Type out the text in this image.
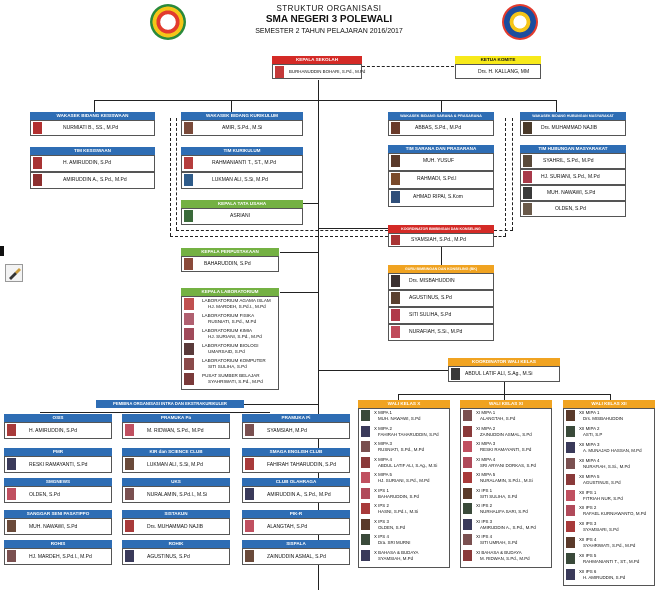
STRUKTUR ORGANISASI
SMA NEGERI 3 POLEWALI
SEMESTER 2 TAHUN PELAJARAN 2016/2017
KEPALA SEKOLAH
BURHANUDDIN BOHARI, S.Pd., M.Pd
KETUA KOMITE
Drs. H. KALLANG, MM
WAKASEK BIDANG KESISWAAN
NURMIATI B., SS., M.Pd
TIM KESISWAAN
H. AMIRUDDIN, S.Pd
AMIRUDDIN A., S.Pd., M.Pd
WAKASEK BIDANG KURIKULUM
AMIR, S.Pd., M.Si
TIM KURIKULUM
RAHMANIANTI T., ST., M.Pd
LUKMAN ALI, S.Si, M.Pd
KEPALA TATA USAHA
ASRIANI
WAKASEK BIDANG SARANA & PRASARANA
ABBAS, S.Pd., M.Pd
TIM SARANA DAN PRASARANA
MUH. YUSUF
RAHMADI, S.Pd.I
AHMAD RIPAI, S.Kom
WAKASEK BIDANG HUBUNGAN MASYARAKAT
Drs. MUHAMMAD NAJIB
TIM HUBUNGAN MASYARAKAT
SYAHRIL, S.Pd., M.Pd
HJ. SURIANI, S.Pd., M.Pd
MUH. NAWAWI, S.Pd
OLDEN, S.Pd
KOORDINATOR BIMBINGAN DAN KONSELING
SYAMSIAH, S.Pd., M.Pd
GURU BIMBINGAN DAN KONSELING (BK)
Drs. MISBAHUDDIN
AGUSTINUS, S.Pd
SITI SULIHA, S.Pd
NURAFIAH, S.Si., M.Pd
KEPALA PERPUSTAKAAN
BAHARUDDIN, S.Pd
KEPALA LABORATORIUM
LABORATORIUM AGAMA ISLAM
HJ. MARDEH, S.Pd.I., M.Pd
LABORATORIUM FISIKA
RUSNIATI, S.Pd., M.Pd
LABORATORIUM KIMIA
HJ. SURIANI, S.Pd., M.Pd
LABORATORIUM BIOLOGI
UMARSAID, S.Pd
LABORATORIUM KOMPUTER
SITI SULIHA, S.Pd
PUSAT SUMBER BELAJAR
SYAHRIWATI, S.Pd., M.Pd
KOORDINATOR WALI KELAS
ABDUL LATIF ALI, S.Ag., M.Si
WALI KELAS X	WALI KELAS XI	WALI KELAS XII
X MIPA 1
MUH. NAWAWI, S.Pd
X MIPA 2
FAHIRAH TAHARUDDIN, S.Pd
X MIPA 3
RUSNIATI, S.Pd., M.Pd
X MIPA 4
ABDUL LATIF ALI, S.Ag., M.Si
X MIPA 5
HJ. SURIANI, S.Pd., M.Pd
X IPS 1
BAHARUDDIN, S.Pd
X IPS 2
HASNI, S.Pd.I., M.Si
X IPS 3
OLDEN, S.Pd
X IPS 4
Dra. SRI MURNI
X BAHASA & BUDAYA
SYAMSIAH, M.Pd
XI MIPA 1
ALANGTAH, S.Pd
XI MIPA 2
ZAINUDDIN ASMAL, S.Pd
XI MIPA 3
RESKI RAMAYANTI, S.Pd
XI MIPA 4
SRI ARYANI DORKAS, S.Pd
XI MIPA 5
NURALAMIN, S.Pd.I., M.Si
XI IPS 1
SITI SULIHA, S.Pd
XI IPS 2
NURHALIFA SARI, S.Pd
XI IPS 3
AMIRUDDIN A., S.Pd., M.Pd
XI IPS 4
SITI UMRAH, S.Pd
XI BAHASA & BUDAYA
M. RIDWAN, S.Pd., M.Pd
XII MIPA 1
Drs. MISBAHUDDIN
XII MIPA 2
ASTI, S.P
XII MIPA 3
A. MUNAJAD HASSAN, M.Pd
XII MIPA 4
NURAFIAH, S.Si., M.Pd
XII MIPA 5
AGUSTINUS, S.Pd
XII IPS 1
FITRIAH NUR, S.Pd
XII IPS 2
RAFAEL KURNIAWANTO, M.Pd
XII IPS 3
SYAMSIARI, S.Pd
XII IPS 4
SYAHRIWATI, S.Pd., M.Pd
XII IPS 5
RAHMANIANTI T., ST., M.Pd
XII IPS 6
H. AMIRUDDIN, S.Pd
PEMBINA ORGANISASI INTRA DAN EKSTRAKURIKULER
OSIS
H. AMIRUDDIN, S.Pd
PRAMUKA Pa
M. RIDWAN, S.Pd., M.Pd
PRAMUKA Pi
SYAMSIAH, M.Pd
PMR
RESKI RAMAYANTI, S.Pd
KIR dan SCIENCE CLUB
LUKMAN ALI, S.Si, M.Pd
SMAGA ENGLISH CLUB
FAHIRAH TAHARUDDIN, S.Pd
SMGNEWS
OLDEN, S.Pd
UKS
NURALAMIN, S.Pd.I., M.Si
CLUB OLAHRAGA
AMIRUDDIN A., S.Pd., M.Pd
SANGGAR SENI PASATIPPO
MUH. NAWAWI, S.Pd
SISTAKUN
Drs. MUHAMMAD NAJIB
PIK-R
ALANGTAH, S.Pd
ROHIS
HJ. MARDEH, S.Pd.I., M.Pd
ROHIK
AGUSTINUS, S.Pd
SISPALA
ZAINUDDIN ASMAL, S.Pd
